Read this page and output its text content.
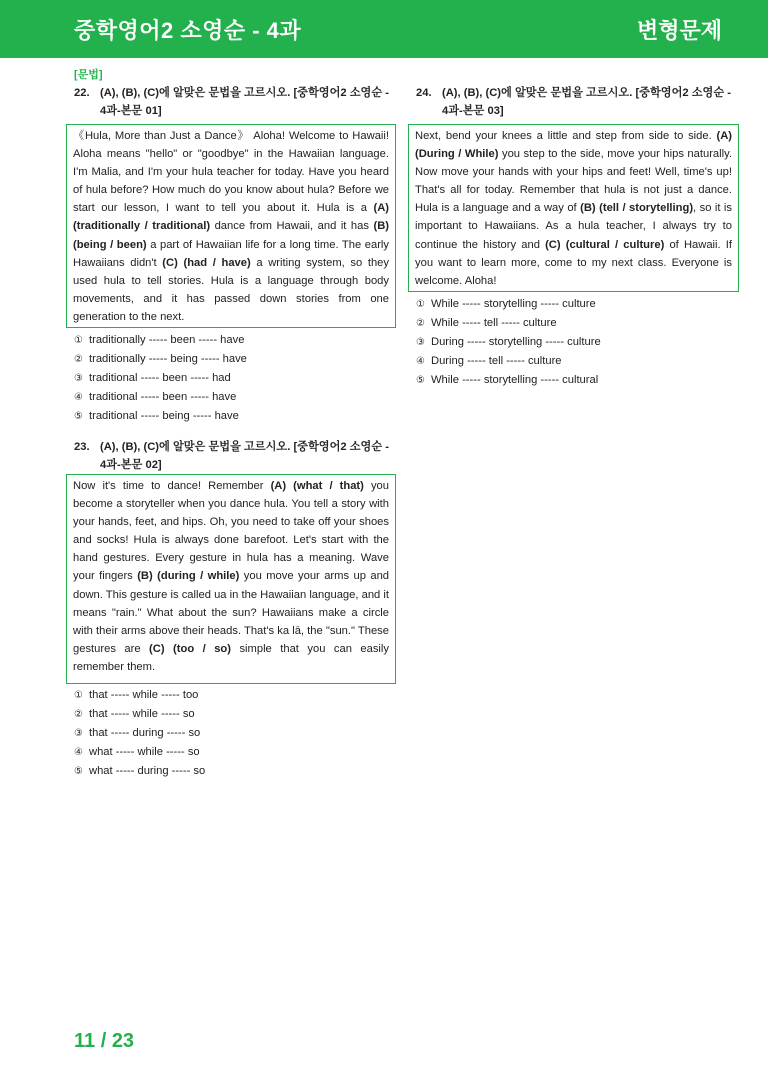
중학영어2 소영순 - 4과	변형문제
[문법]
22. (A), (B), (C)에 알맞은 문법을 고르시오. [중학영어2 소영순 -
4과-본문 01]
《Hula, More than Just a Dance》 Aloha! Welcome to Hawaii! Aloha means "hello" or "goodbye" in the Hawaiian language. I'm Malia, and I'm your hula teacher for today. Have you heard of hula before? How much do you know about hula? Before we start our lesson, I want to tell you about it. Hula is a (A) (traditionally / traditional) dance from Hawaii, and it has (B) (being / been) a part of Hawaiian life for a long time. The early Hawaiians didn't (C) (had / have) a writing system, so they used hula to tell stories. Hula is a language through body movements, and it has passed down stories from one generation to the next.
① traditionally ----- been ----- have
② traditionally ----- being ----- have
③ traditional ----- been ----- had
④ traditional ----- been ----- have
⑤ traditional ----- being ----- have
23. (A), (B), (C)에 알맞은 문법을 고르시오. [중학영어2 소영순 -
4과-본문 02]
Now it's time to dance! Remember (A) (what / that) you become a storyteller when you dance hula. You tell a story with your hands, feet, and hips. Oh, you need to take off your shoes and socks! Hula is always done barefoot. Let's start with the hand gestures. Every gesture in hula has a meaning. Wave your fingers (B) (during / while) you move your arms up and down. This gesture is called ua in the Hawaiian language, and it means "rain." What about the sun? Hawaiians make a circle with their arms above their heads. That's ka lā, the "sun." These gestures are (C) (too / so) simple that you can easily remember them.
① that ----- while ----- too
② that ----- while ----- so
③ that ----- during ----- so
④ what ----- while ----- so
⑤ what ----- during ----- so
24. (A), (B), (C)에 알맞은 문법을 고르시오. [중학영어2 소영순 -
4과-본문 03]
Next, bend your knees a little and step from side to side. (A) (During / While) you step to the side, move your hips naturally. Now move your hands with your hips and feet! Well, time's up! That's all for today. Remember that hula is not just a dance. Hula is a language and a way of (B) (tell / storytelling), so it is important to Hawaiians. As a hula teacher, I always try to continue the history and (C) (cultural / culture) of Hawaii. If you want to learn more, come to my next class. Everyone is welcome. Aloha!
① While ----- storytelling ----- culture
② While ----- tell ----- culture
③ During ----- storytelling ----- culture
④ During ----- tell ----- culture
⑤ While ----- storytelling ----- cultural
11 / 23
